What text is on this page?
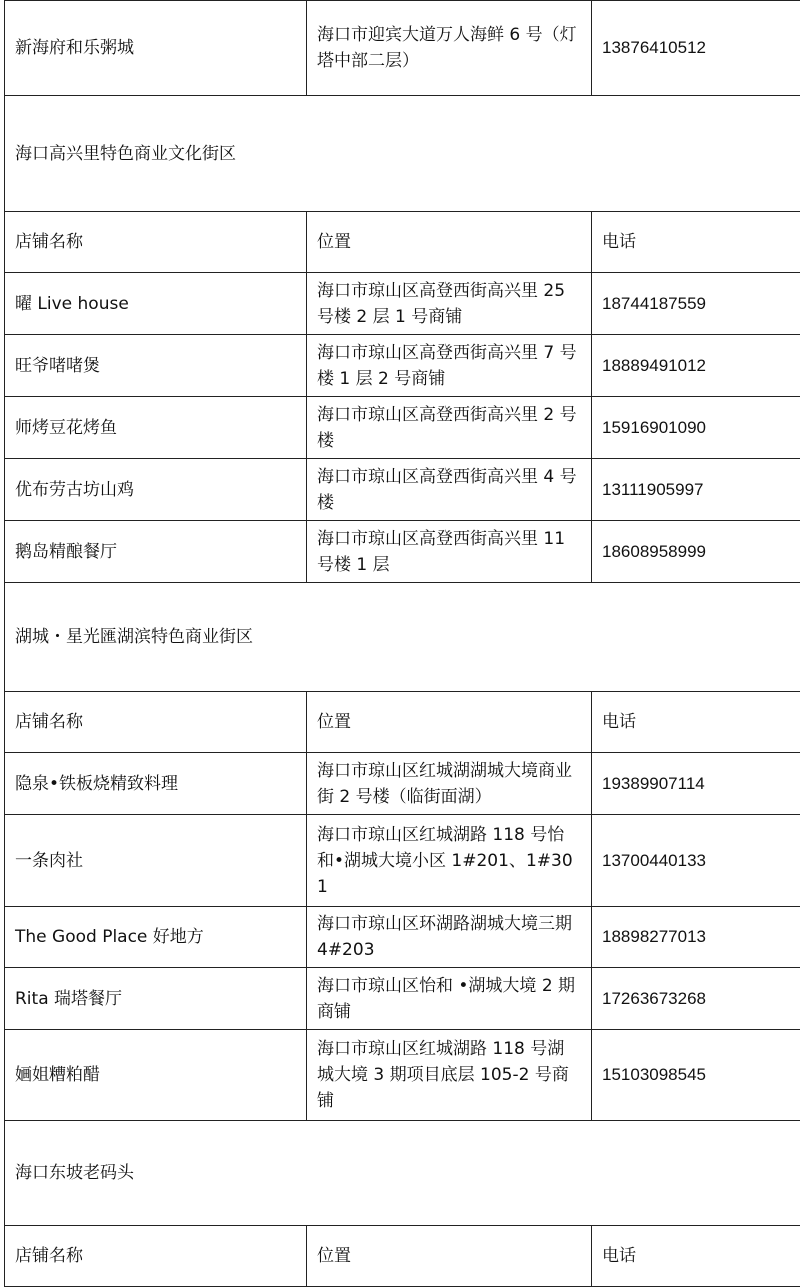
新海府和乐粥城	海口市迎宾大道万人海鲜 6 号（灯塔中部二层）	13876410512
海口高兴里特色商业文化街区		
店铺名称	位置	电话
曜 Live house	海口市琼山区高登西街高兴里 25 号楼 2 层 1 号商铺	18744187559
旺爷啫啫煲	海口市琼山区高登西街高兴里 7 号楼 1 层 2 号商铺	18889491012
师烤豆花烤鱼	海口市琼山区高登西街高兴里 2 号楼	15916901090
优布劳古坊山鸡	海口市琼山区高登西街高兴里 4 号楼	13111905997
鹅岛精酿餐厅	海口市琼山区高登西街高兴里 11 号楼 1 层	18608958999
湖城・星光匯湖滨特色商业街区		
店铺名称	位置	电话
隐泉•铁板烧精致料理	海口市琼山区红城湖湖城大境商业街 2 号楼（临街面湖）	19389907114
一条肉社	海口市琼山区红城湖路 118 号怡和•湖城大境小区 1#201、1#301	13700440133
The Good Place 好地方	海口市琼山区环湖路湖城大境三期 4#203	18898277013
Rita 瑞塔餐厅	海口市琼山区怡和 •湖城大境 2 期商铺	17263673268
婳姐糟粕醋	海口市琼山区红城湖路 118 号湖城大境 3 期项目底层 105-2 号商铺	15103098545
海口东坡老码头		
店铺名称	位置	电话
